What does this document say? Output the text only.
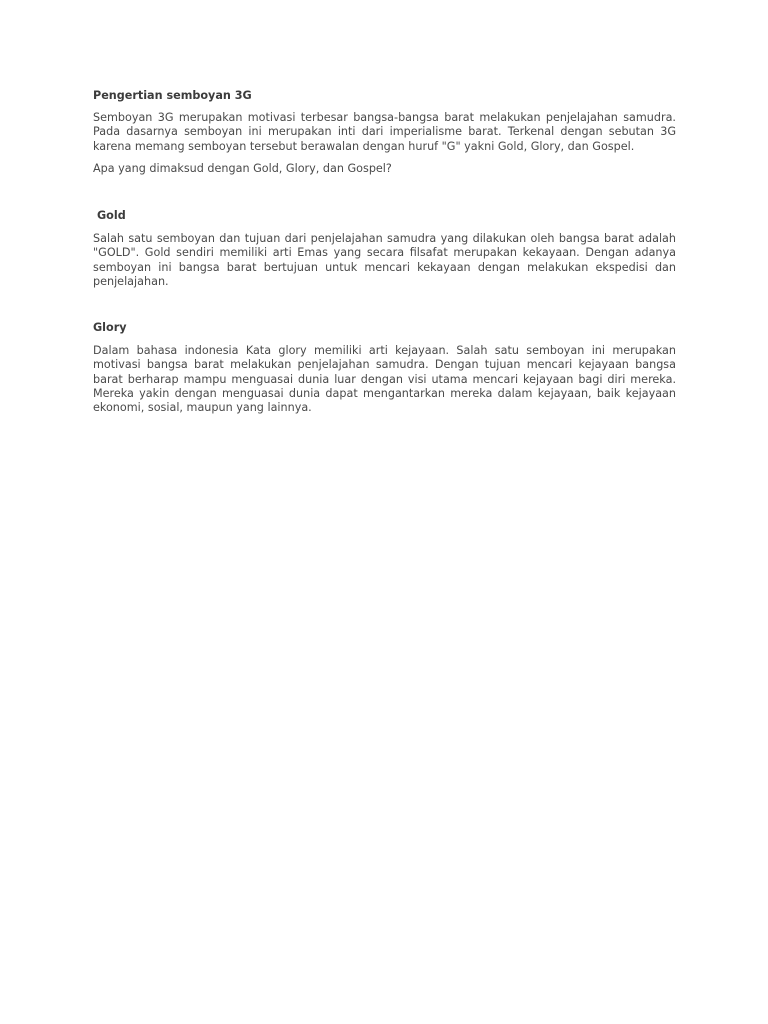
Pengertian semboyan 3G

Semboyan 3G merupakan motivasi terbesar bangsa-bangsa barat melakukan penjelajahan samudra. Pada dasarnya semboyan ini merupakan inti dari imperialisme barat. Terkenal dengan sebutan 3G karena memang semboyan tersebut berawalan dengan huruf "G" yakni Gold, Glory, dan Gospel.

Apa yang dimaksud dengan Gold, Glory, dan Gospel?

Gold

Salah satu semboyan dan tujuan dari penjelajahan samudra yang dilakukan oleh bangsa barat adalah "GOLD". Gold sendiri memiliki arti Emas yang secara filsafat merupakan kekayaan. Dengan adanya semboyan ini bangsa barat bertujuan untuk mencari kekayaan dengan melakukan ekspedisi dan penjelajahan.

Glory

Dalam bahasa indonesia Kata glory memiliki arti kejayaan. Salah satu semboyan ini merupakan motivasi bangsa barat melakukan penjelajahan samudra. Dengan tujuan mencari kejayaan bangsa barat berharap mampu menguasai dunia luar dengan visi utama mencari kejayaan bagi diri mereka. Mereka yakin dengan menguasai dunia dapat mengantarkan mereka dalam kejayaan, baik kejayaan ekonomi, sosial, maupun yang lainnya.
